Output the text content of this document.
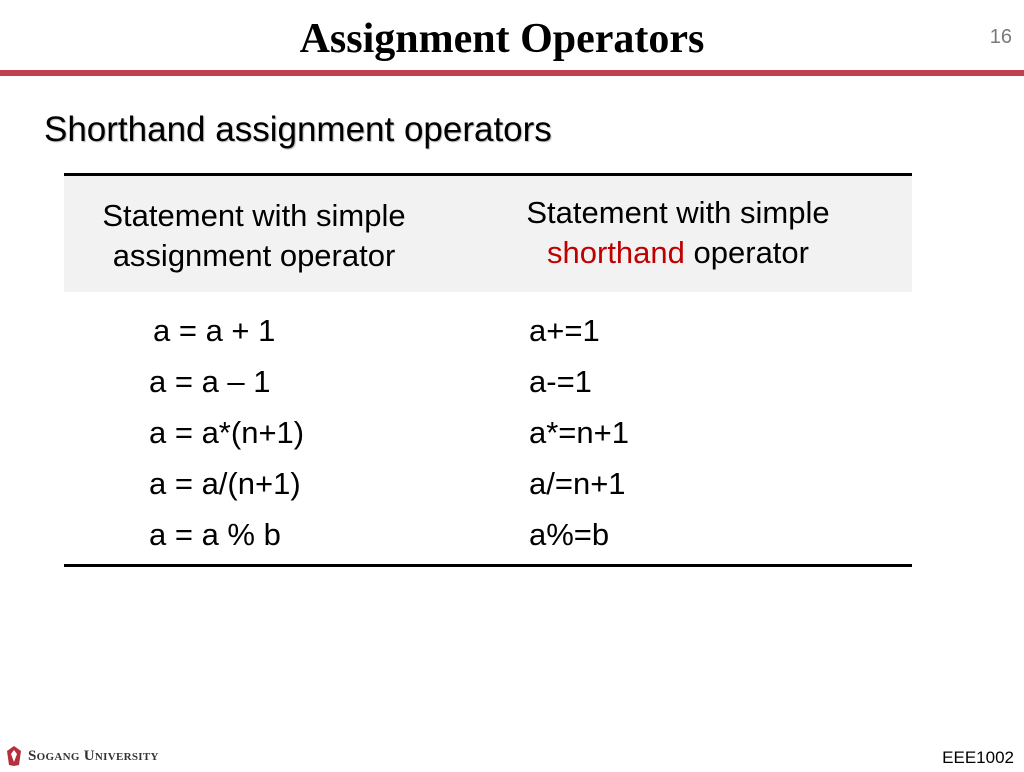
Assignment Operators	16
Shorthand assignment operators
Statement with simple
assignment operator
Statement with simple
shorthand operator
a = a + 1
a = a – 1
a = a*(n+1)
a = a/(n+1)
a = a % b
a+=1
a-=1
a*=n+1
a/=n+1
a%=b
Sogang University	EEE1002
